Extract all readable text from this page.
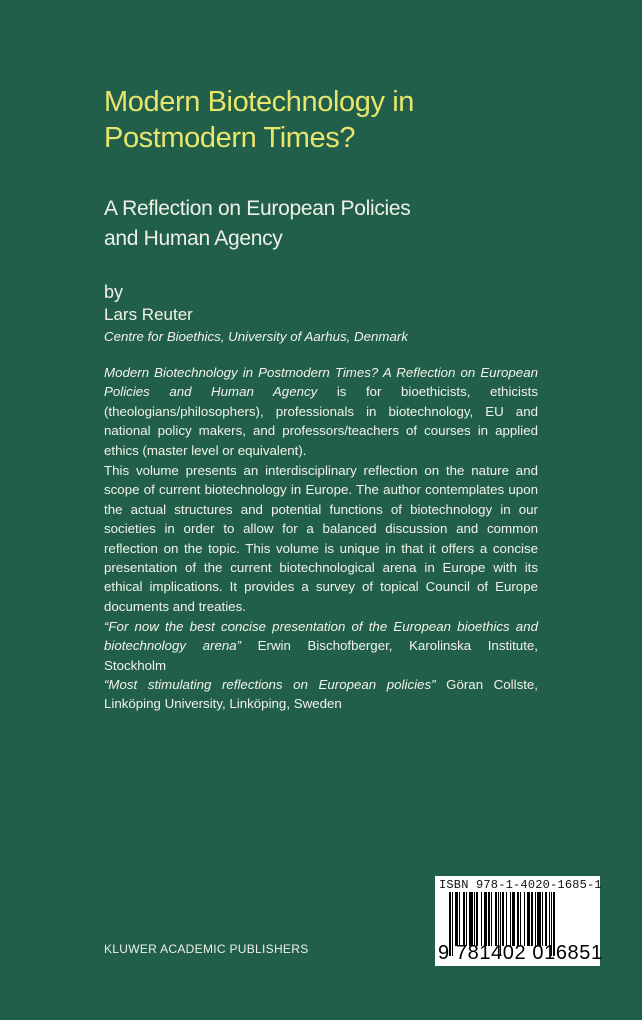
Modern Biotechnology in
Postmodern Times?
A Reflection on European Policies
and Human Agency
by
Lars Reuter
Centre for Bioethics, University of Aarhus, Denmark
Modern Biotechnology in Postmodern Times? A Reflection on European Policies and Human Agency is for bioethicists, ethicists (theologians/philosophers), professionals in biotechnology, EU and national policy makers, and professors/teachers of courses in applied ethics (master level or equivalent).
This volume presents an interdisciplinary reflection on the nature and scope of current biotechnology in Europe. The author contemplates upon the actual structures and potential functions of biotechnology in our societies in order to allow for a balanced discussion and common reflection on the topic. This volume is unique in that it offers a concise presentation of the current biotechnological arena in Europe with its ethical implications. It provides a survey of topical Council of Europe documents and treaties.
“For now the best concise presentation of the European bioethics and biotechnology arena” Erwin Bischofberger, Karolinska Institute, Stockholm
“Most stimulating reflections on European policies” Göran Collste, Linköping University, Linköping, Sweden
KLUWER ACADEMIC PUBLISHERS
ISBN 978-1-4020-1685-1
9 781402 016851
